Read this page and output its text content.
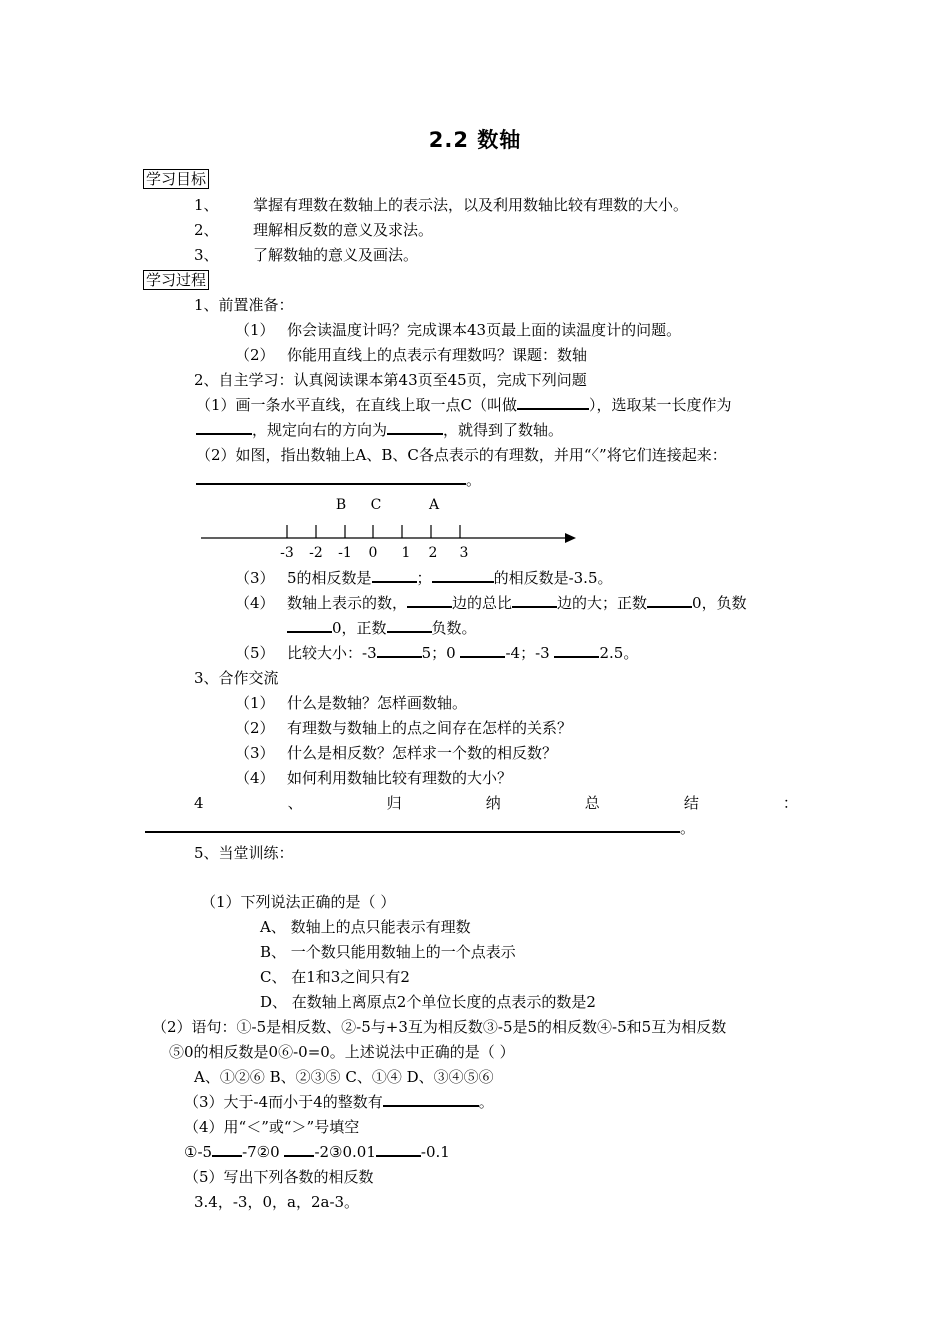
2.2 数轴
学习目标
1、 掌握有理数在数轴上的表示法，以及利用数轴比较有理数的大小。
2、 理解相反数的意义及求法。
3、 了解数轴的意义及画法。
学习过程
1、前置准备：
（1） 你会读温度计吗？完成课本43页最上面的读温度计的问题。
（2） 你能用直线上的点表示有理数吗？课题：数轴
2、自主学习：认真阅读课本第43页至45页，完成下列问题
（1）画一条水平直线，在直线上取一点C（叫做	），选取某一长度作为
，规定向右的方向为	，就得到了数轴。
（2）如图，指出数轴上A、B、C各点表示的有理数，并用“〈”将它们连接起来：
。
B C	A
-3 -2 -1 0 1 2 3
（3） 5的相反数是	；	的相反数是-3.5。
（4） 数轴上表示的数，	边的总比	边的大；正数	0，负数
0，正数	负数。
（5） 比较大小：-3	5；0	-4；-3	2.5。
3、合作交流
（1） 什么是数轴？怎样画数轴。
（2） 有理数与数轴上的点之间存在怎样的关系？
（3） 什么是相反数？怎样求一个数的相反数？
（4） 如何利用数轴比较有理数的大小？
4	、	归	纳	总	结	：
。
5、当堂训练：
（1）下列说法正确的是（ ）
A、 数轴上的点只能表示有理数
B、 一个数只能用数轴上的一个点表示
C、 在1和3之间只有2
D、 在数轴上离原点2个单位长度的点表示的数是2
（2）语句：①-5是相反数、②-5与+3互为相反数③-5是5的相反数④-5和5互为相反数
⑤0的相反数是0⑥-0=0。上述说法中正确的是（ ）
A、①②⑥ B、②③⑤ C、①④ D、③④⑤⑥
（3）大于-4而小于4的整数有	。
（4）用“＜”或“＞”号填空
①-5 -7②0 -2③0.01	-0.1
（5）写出下列各数的相反数
3.4，-3，0，a，2a-3。
